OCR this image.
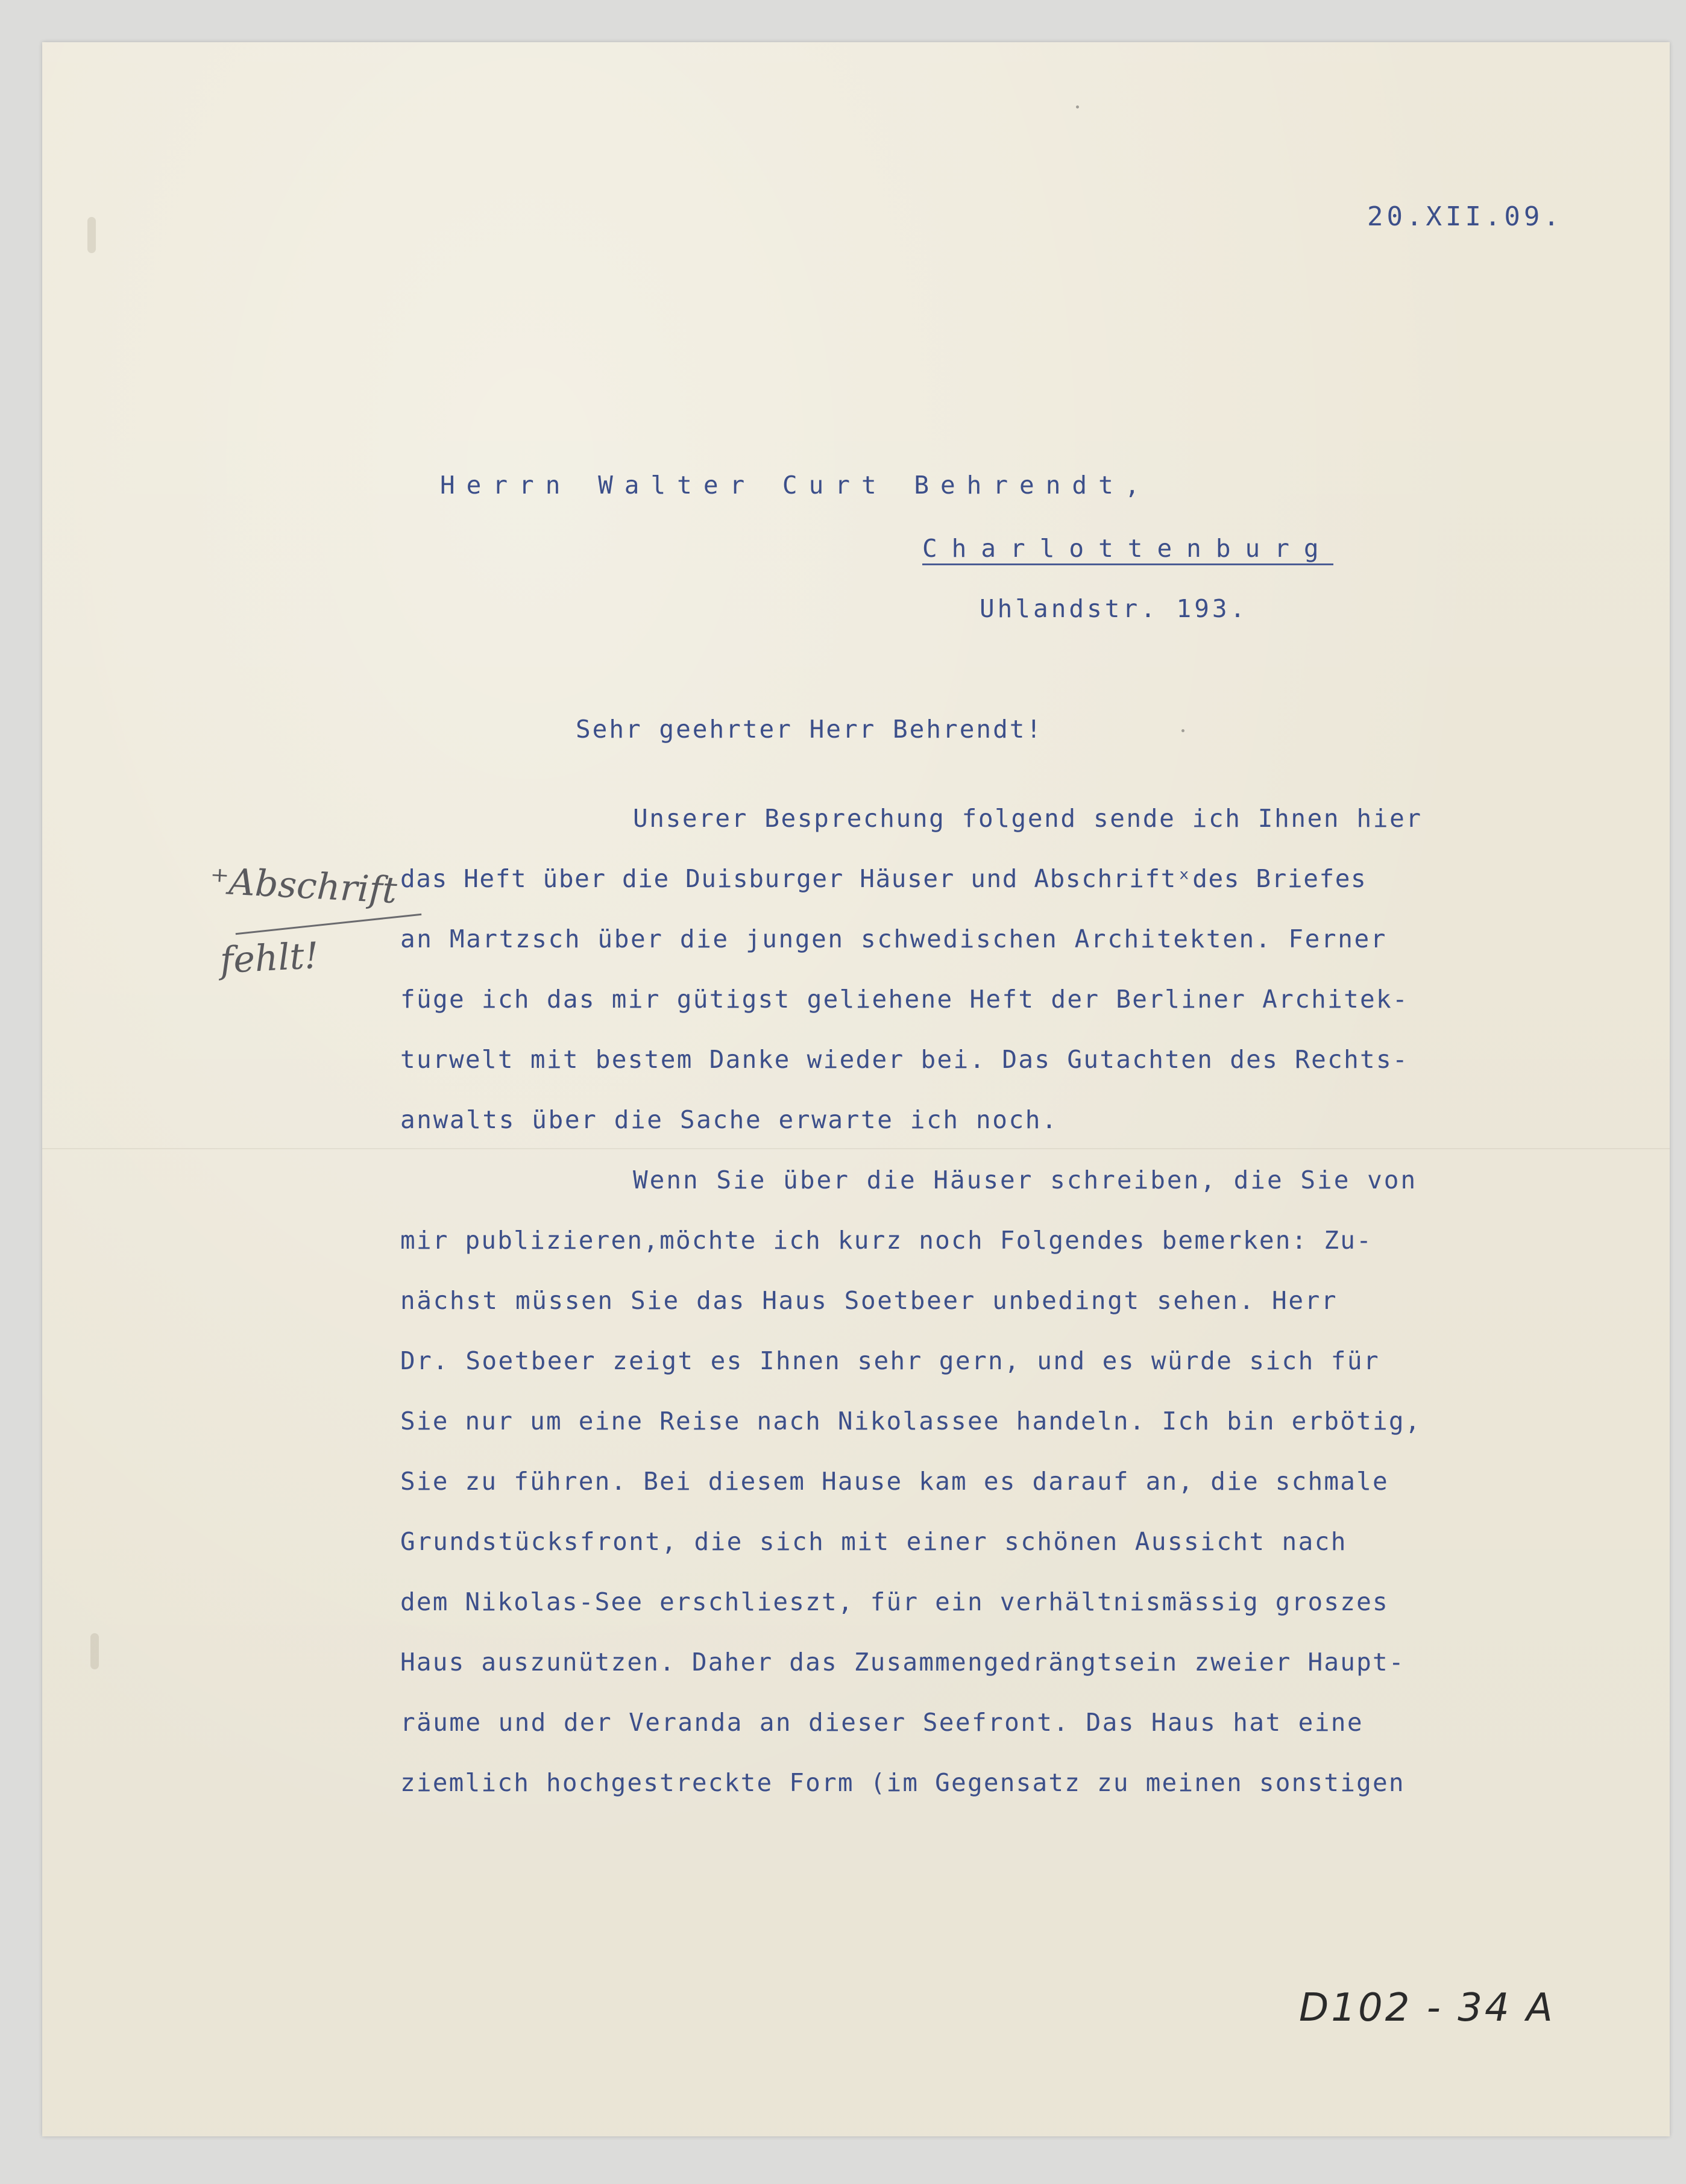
20.XII.09.
Herrn Walter Curt Behrendt,
Charlottenburg
Uhlandstr. 193.
Sehr geehrter Herr Behrendt!
Unserer Besprechung folgend sende ich Ihnen hier
das Heft über die Duisburger Häuser und Abschriftˣdes Briefes
an Martzsch über die jungen schwedischen Architekten. Ferner
füge ich das mir gütigst geliehene Heft der Berliner Architek-
turwelt mit bestem Danke wieder bei. Das Gutachten des Rechts-
anwalts über die Sache erwarte ich noch.
Wenn Sie über die Häuser schreiben, die Sie von
mir publizieren,möchte ich kurz noch Folgendes bemerken: Zu-
nächst müssen Sie das Haus Soetbeer unbedingt sehen. Herr
Dr. Soetbeer zeigt es Ihnen sehr gern, und es würde sich für
Sie nur um eine Reise nach Nikolassee handeln. Ich bin erbötig,
Sie zu führen. Bei diesem Hause kam es darauf an, die schmale
Grundstücksfront, die sich mit einer schönen Aussicht nach
dem Nikolas-See erschlieszt, für ein verhältnismässig groszes
Haus auszunützen. Daher das Zusammengedrängtsein zweier Haupt-
räume und der Veranda an dieser Seefront. Das Haus hat eine
ziemlich hochgestreckte Form (im Gegensatz zu meinen sonstigen
⁺Abschrift
fehlt!
D102 - 34 A
